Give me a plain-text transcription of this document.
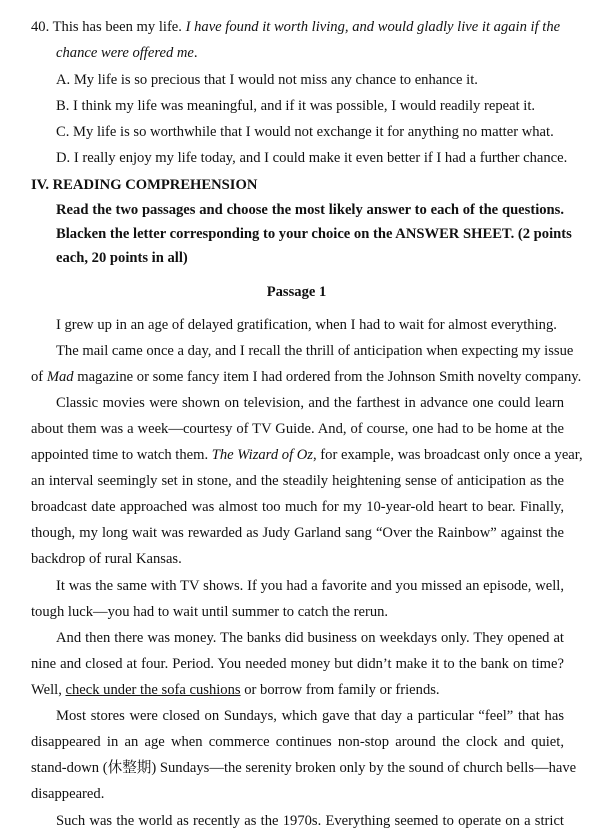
40. This has been my life. I have found it worth living, and would gladly live it again if the
chance were offered me.
A. My life is so precious that I would not miss any chance to enhance it.
B. I think my life was meaningful, and if it was possible, I would readily repeat it.
C. My life is so worthwhile that I would not exchange it for anything no matter what.
D. I really enjoy my life today, and I could make it even better if I had a further chance.
IV. READING COMPREHENSION
Read the two passages and choose the most likely answer to each of the questions.
Blacken the letter corresponding to your choice on the ANSWER SHEET. (2 points
each, 20 points in all)
Passage 1
I grew up in an age of delayed gratification, when I had to wait for almost everything.
The mail came once a day, and I recall the thrill of anticipation when expecting my issue
of Mad magazine or some fancy item I had ordered from the Johnson Smith novelty company.
Classic movies were shown on television, and the farthest in advance one could learn
about them was a week—courtesy of TV Guide. And, of course, one had to be home at the
appointed time to watch them. The Wizard of Oz, for example, was broadcast only once a year,
an interval seemingly set in stone, and the steadily heightening sense of anticipation as the
broadcast date approached was almost too much for my 10-year-old heart to bear. Finally,
though, my long wait was rewarded as Judy Garland sang “Over the Rainbow” against the
backdrop of rural Kansas.
It was the same with TV shows. If you had a favorite and you missed an episode, well,
tough luck—you had to wait until summer to catch the rerun.
And then there was money. The banks did business on weekdays only. They opened at
nine and closed at four. Period. You needed money but didn’t make it to the bank on time?
Well, check under the sofa cushions or borrow from family or friends.
Most stores were closed on Sundays, which gave that day a particular “feel” that has
disappeared in an age when commerce continues non-stop around the clock and quiet,
stand-down (休整期) Sundays—the serenity broken only by the sound of church bells—have
disappeared.
Such was the world as recently as the 1970s. Everything seemed to operate on a strict
